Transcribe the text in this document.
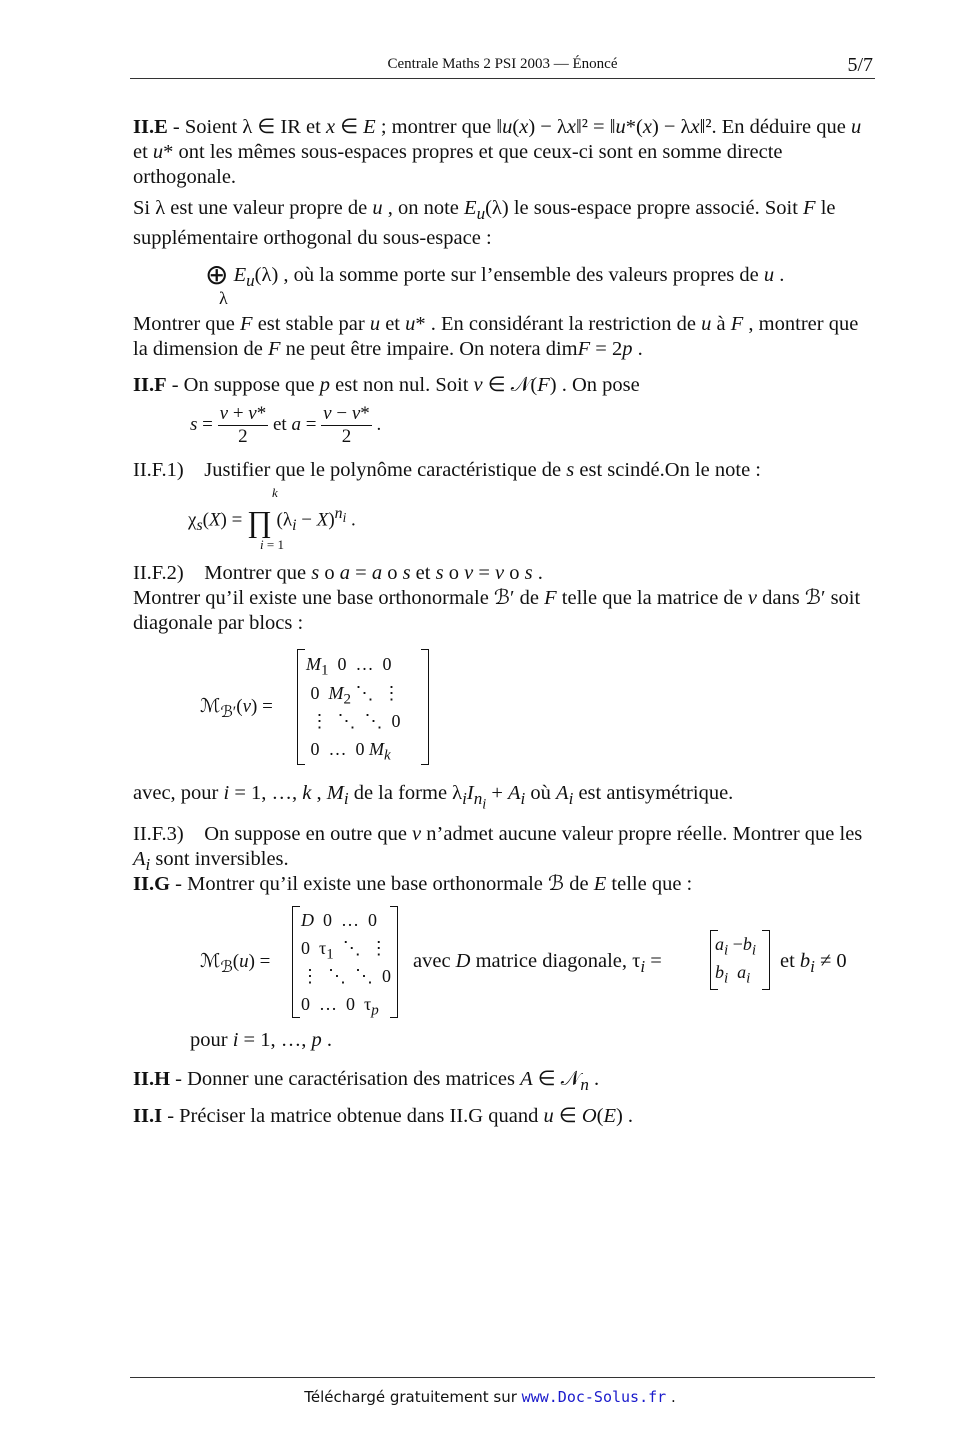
Centrale Maths 2 PSI 2003 — Énoncé	5/7

II.E - Soient λ ∈ IR et x ∈ E ; montrer que ‖u(x) − λx‖² = ‖u*(x) − λx‖². En déduire que u et u* ont les mêmes sous-espaces propres et que ceux-ci sont en somme directe orthogonale.

Si λ est une valeur propre de u , on note $E_u(\lambda)$ le sous-espace propre associé. Soit F le supplémentaire orthogonal du sous-espace :

⊕ $E_u(\lambda)$ , où la somme porte sur l’ensemble des valeurs propres de u .
λ

Montrer que F est stable par u et u* . En considérant la restriction de u à F , montrer que la dimension de F ne peut être impaire. On notera dimF = 2p .

II.F - On suppose que p est non nul. Soit v ∈ 𝒩(F) . On pose

$s = \frac{v + v*}{2}$ et $a = \frac{v - v*}{2}$ .

II.F.1)    Justifier que le polynôme caractéristique de s est scindé.On le note :

k
$\chi_s(X)$ = ∏ $(\lambda_i - X)^{n_i}$ .
i = 1

II.F.2)    Montrer que s o a = a o s et s o v = v o s .

Montrer qu’il existe une base orthonormale ℬ′ de F telle que la matrice de v dans ℬ′ soit diagonale par blocs :

ℳ$_{ℬ'}$(v) =
$M_1$  0  …  0
0  $M_2$ ⋱  ⋮
⋮  ⋱  ⋱  0
0  …  0 $M_k$

avec, pour i = 1, …, k , $M_i$ de la forme $\lambda_iI_{n_i} + A_i$ où $A_i$ est antisymétrique.

II.F.3)    On suppose en outre que v n’admet aucune valeur propre réelle. Montrer que les $A_i$ sont inversibles.

II.G - Montrer qu’il existe une base orthonormale ℬ de E telle que :

ℳ$_ℬ$(u) =
D  0  …  0
0  $\tau_1$  ⋱  ⋮
⋮  ⋱  ⋱  0
0  …  0  $\tau_p$
avec D matrice diagonale, $\tau_i$ =
$a_i -b_i$
$b_i$ $a_i$
et $b_i \ne 0$
pour i = 1, …, p .

II.H - Donner une caractérisation des matrices A ∈ 𝒩$_n$ .

II.I - Préciser la matrice obtenue dans II.G quand u ∈ O(E) .

Téléchargé gratuitement sur www.Doc-Solus.fr .
